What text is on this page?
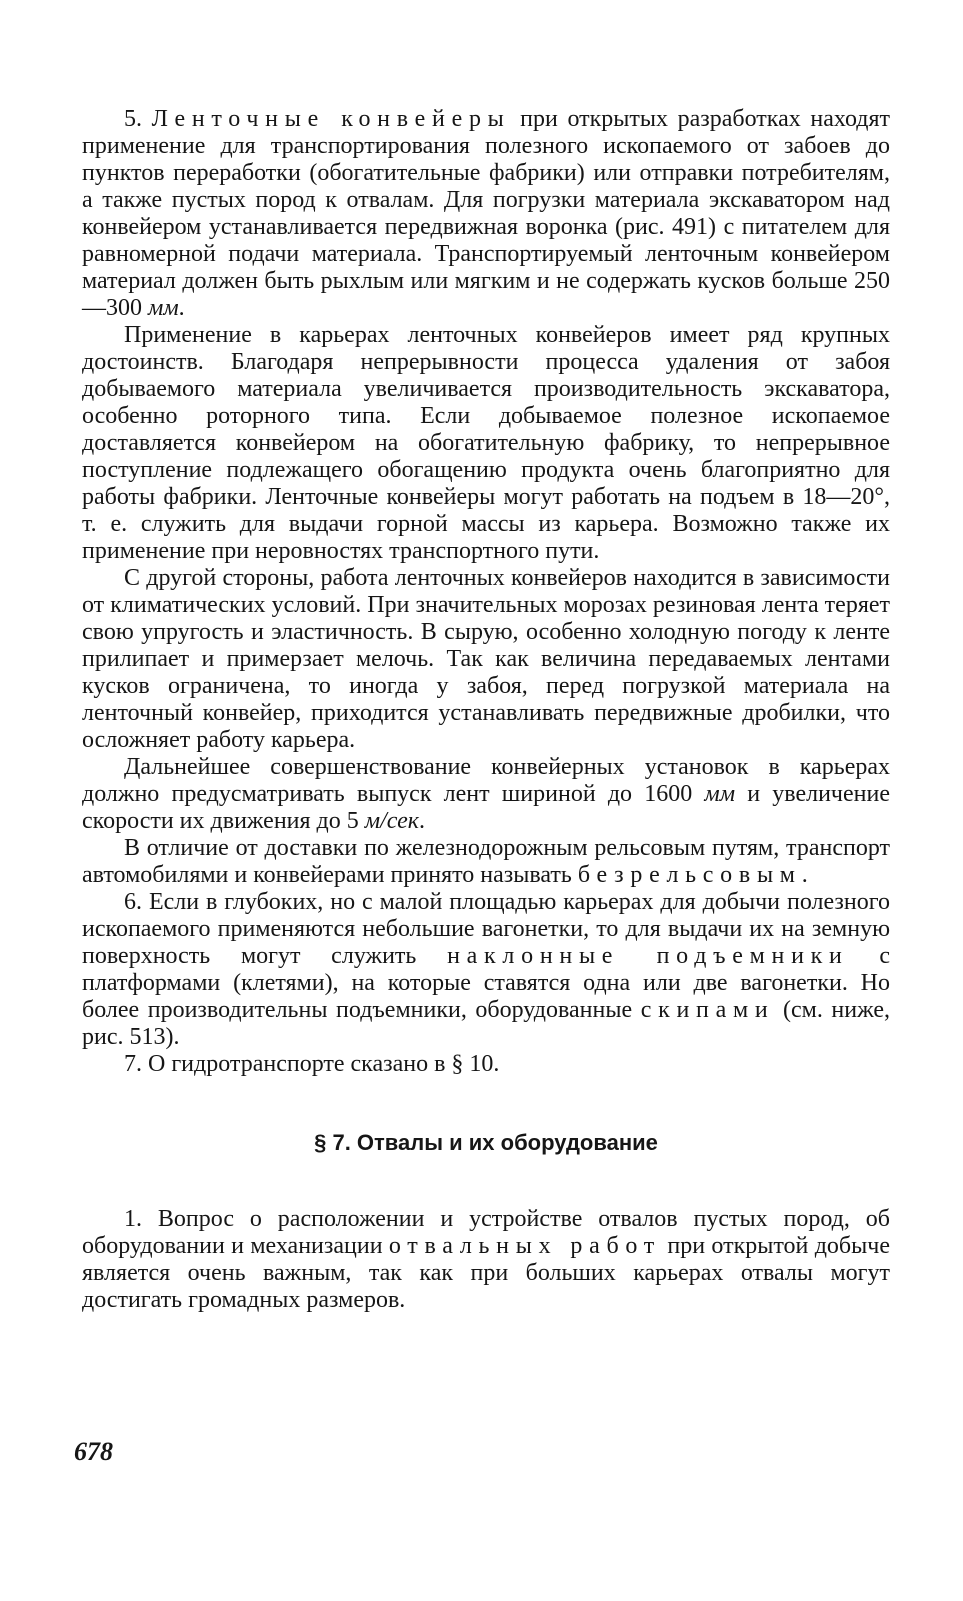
5. Ленточные конвейеры при открытых разработках находят применение для транспортирования полезного ископаемого от забоев до пунктов переработки (обогатительные фабрики) или отправки потребителям, а также пустых пород к отвалам. Для погрузки материала экскаватором над конвейером устанавливается передвижная воронка (рис. 491) с питателем для равномерной подачи материала. Транспортируемый ленточным конвейером материал должен быть рыхлым или мягким и не содержать кусков больше 250—300 мм.

Применение в карьерах ленточных конвейеров имеет ряд крупных достоинств. Благодаря непрерывности процесса удаления от забоя добываемого материала увеличивается производительность экскаватора, особенно роторного типа. Если добываемое полезное ископаемое доставляется конвейером на обогатительную фабрику, то непрерывное поступление подлежащего обогащению продукта очень благоприятно для работы фабрики. Ленточные конвейеры могут работать на подъем в 18—20°, т. е. служить для выдачи горной массы из карьера. Возможно также их применение при неровностях транспортного пути.

С другой стороны, работа ленточных конвейеров находится в зависимости от климатических условий. При значительных морозах резиновая лента теряет свою упругость и эластичность. В сырую, особенно холодную погоду к ленте прилипает и примерзает мелочь. Так как величина передаваемых лентами кусков ограничена, то иногда у забоя, перед погрузкой материала на ленточный конвейер, приходится устанавливать передвижные дробилки, что осложняет работу карьера.

Дальнейшее совершенствование конвейерных установок в карьерах должно предусматривать выпуск лент шириной до 1600 мм и увеличение скорости их движения до 5 м/сек.

В отличие от доставки по железнодорожным рельсовым путям, транспорт автомобилями и конвейерами принято называть безрельсовым.

6. Если в глубоких, но с малой площадью карьерах для добычи полезного ископаемого применяются небольшие вагонетки, то для выдачи их на земную поверхность могут служить наклонные подъемники с платформами (клетями), на которые ставятся одна или две вагонетки. Но более производительны подъемники, оборудованные скипами (см. ниже, рис. 513).

7. О гидротранспорте сказано в § 10.

§ 7. Отвалы и их оборудование

1. Вопрос о расположении и устройстве отвалов пустых пород, об оборудовании и механизации отвальных работ при открытой добыче является очень важным, так как при больших карьерах отвалы могут достигать громадных размеров.

678
